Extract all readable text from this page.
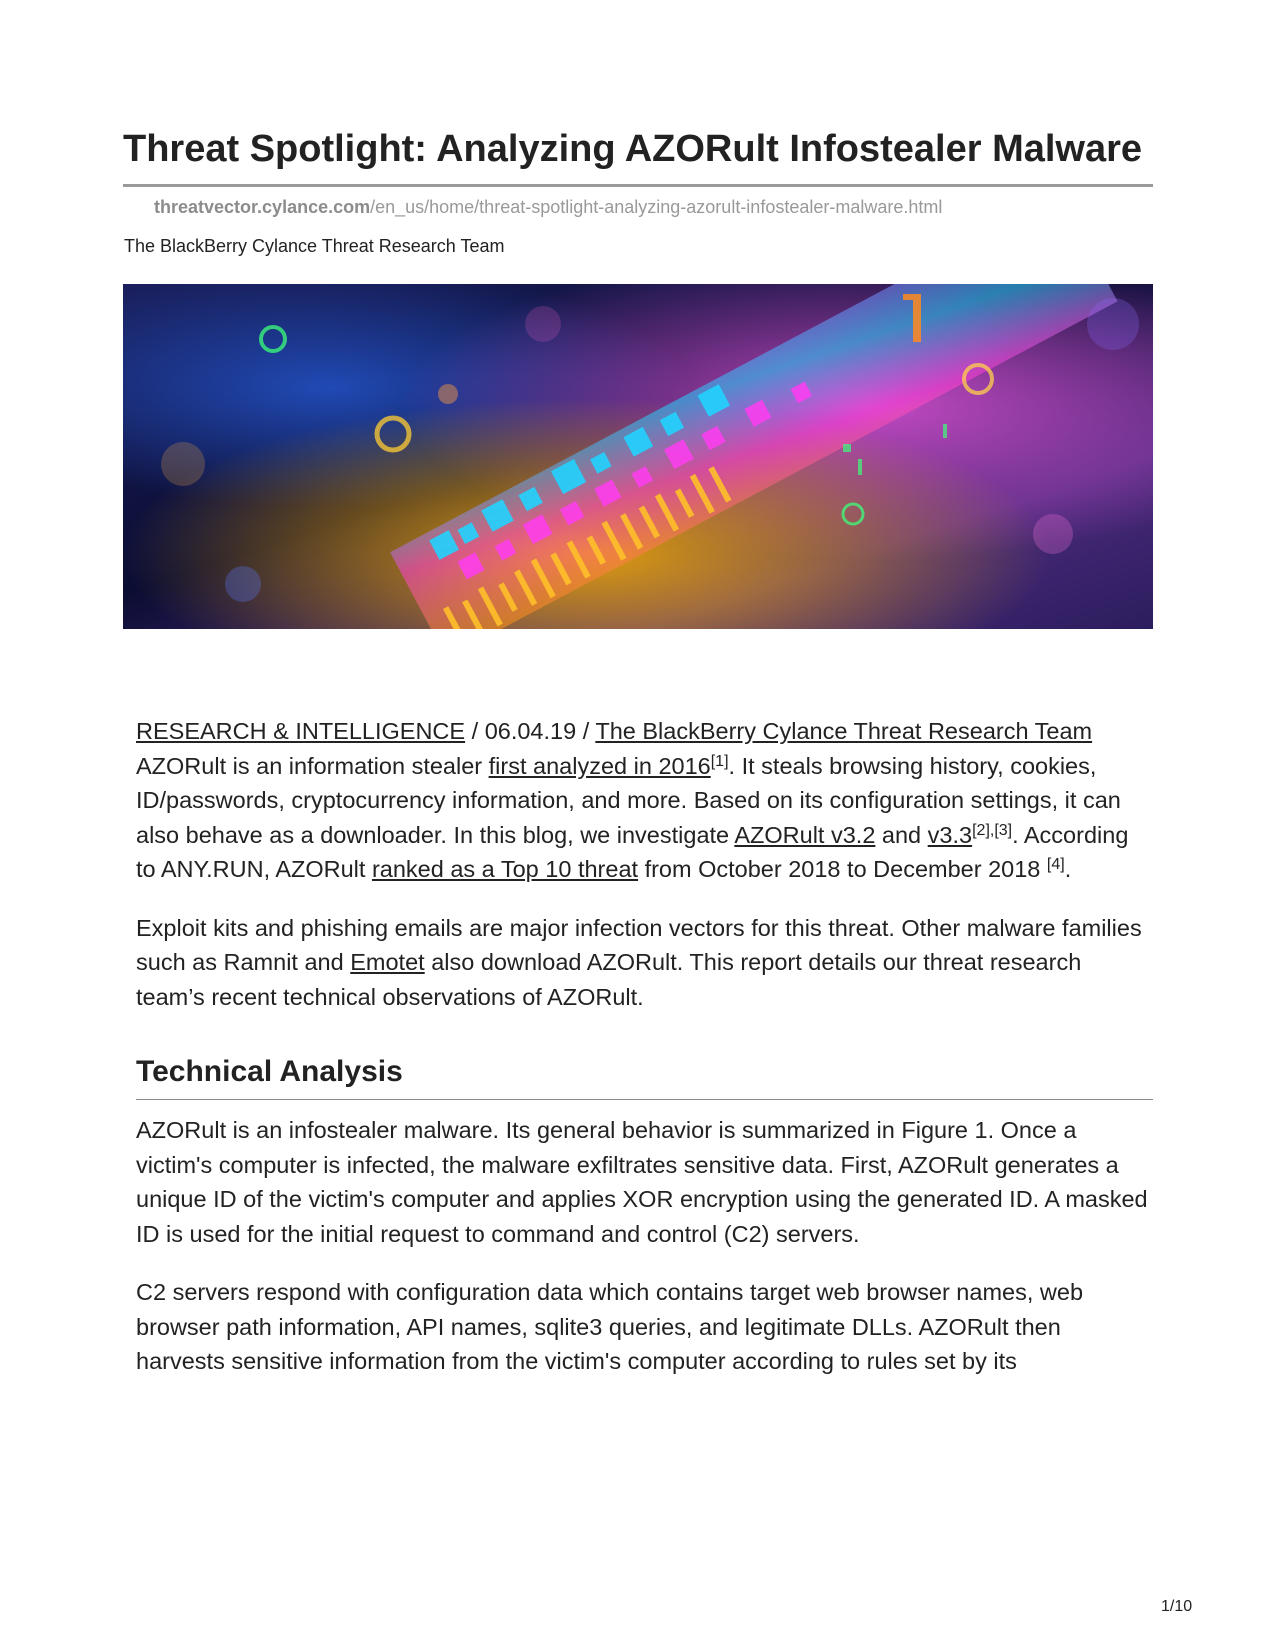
Threat Spotlight: Analyzing AZORult Infostealer Malware
threatvector.cylance.com/en_us/home/threat-spotlight-analyzing-azorult-infostealer-malware.html
The BlackBerry Cylance Threat Research Team

RESEARCH & INTELLIGENCE / 06.04.19 / The BlackBerry Cylance Threat Research Team

AZORult is an information stealer first analyzed in 2016[1]. It steals browsing history, cookies, ID/passwords, cryptocurrency information, and more. Based on its configuration settings, it can also behave as a downloader. In this blog, we investigate AZORult v3.2 and v3.3[2],[3]. According to ANY.RUN, AZORult ranked as a Top 10 threat from October 2018 to December 2018 [4].

Exploit kits and phishing emails are major infection vectors for this threat. Other malware families such as Ramnit and Emotet also download AZORult. This report details our threat research team’s recent technical observations of AZORult.

Technical Analysis

AZORult is an infostealer malware. Its general behavior is summarized in Figure 1. Once a victim's computer is infected, the malware exfiltrates sensitive data. First, AZORult generates a unique ID of the victim's computer and applies XOR encryption using the generated ID. A masked ID is used for the initial request to command and control (C2) servers.

C2 servers respond with configuration data which contains target web browser names, web browser path information, API names, sqlite3 queries, and legitimate DLLs. AZORult then harvests sensitive information from the victim's computer according to rules set by its

1/10
